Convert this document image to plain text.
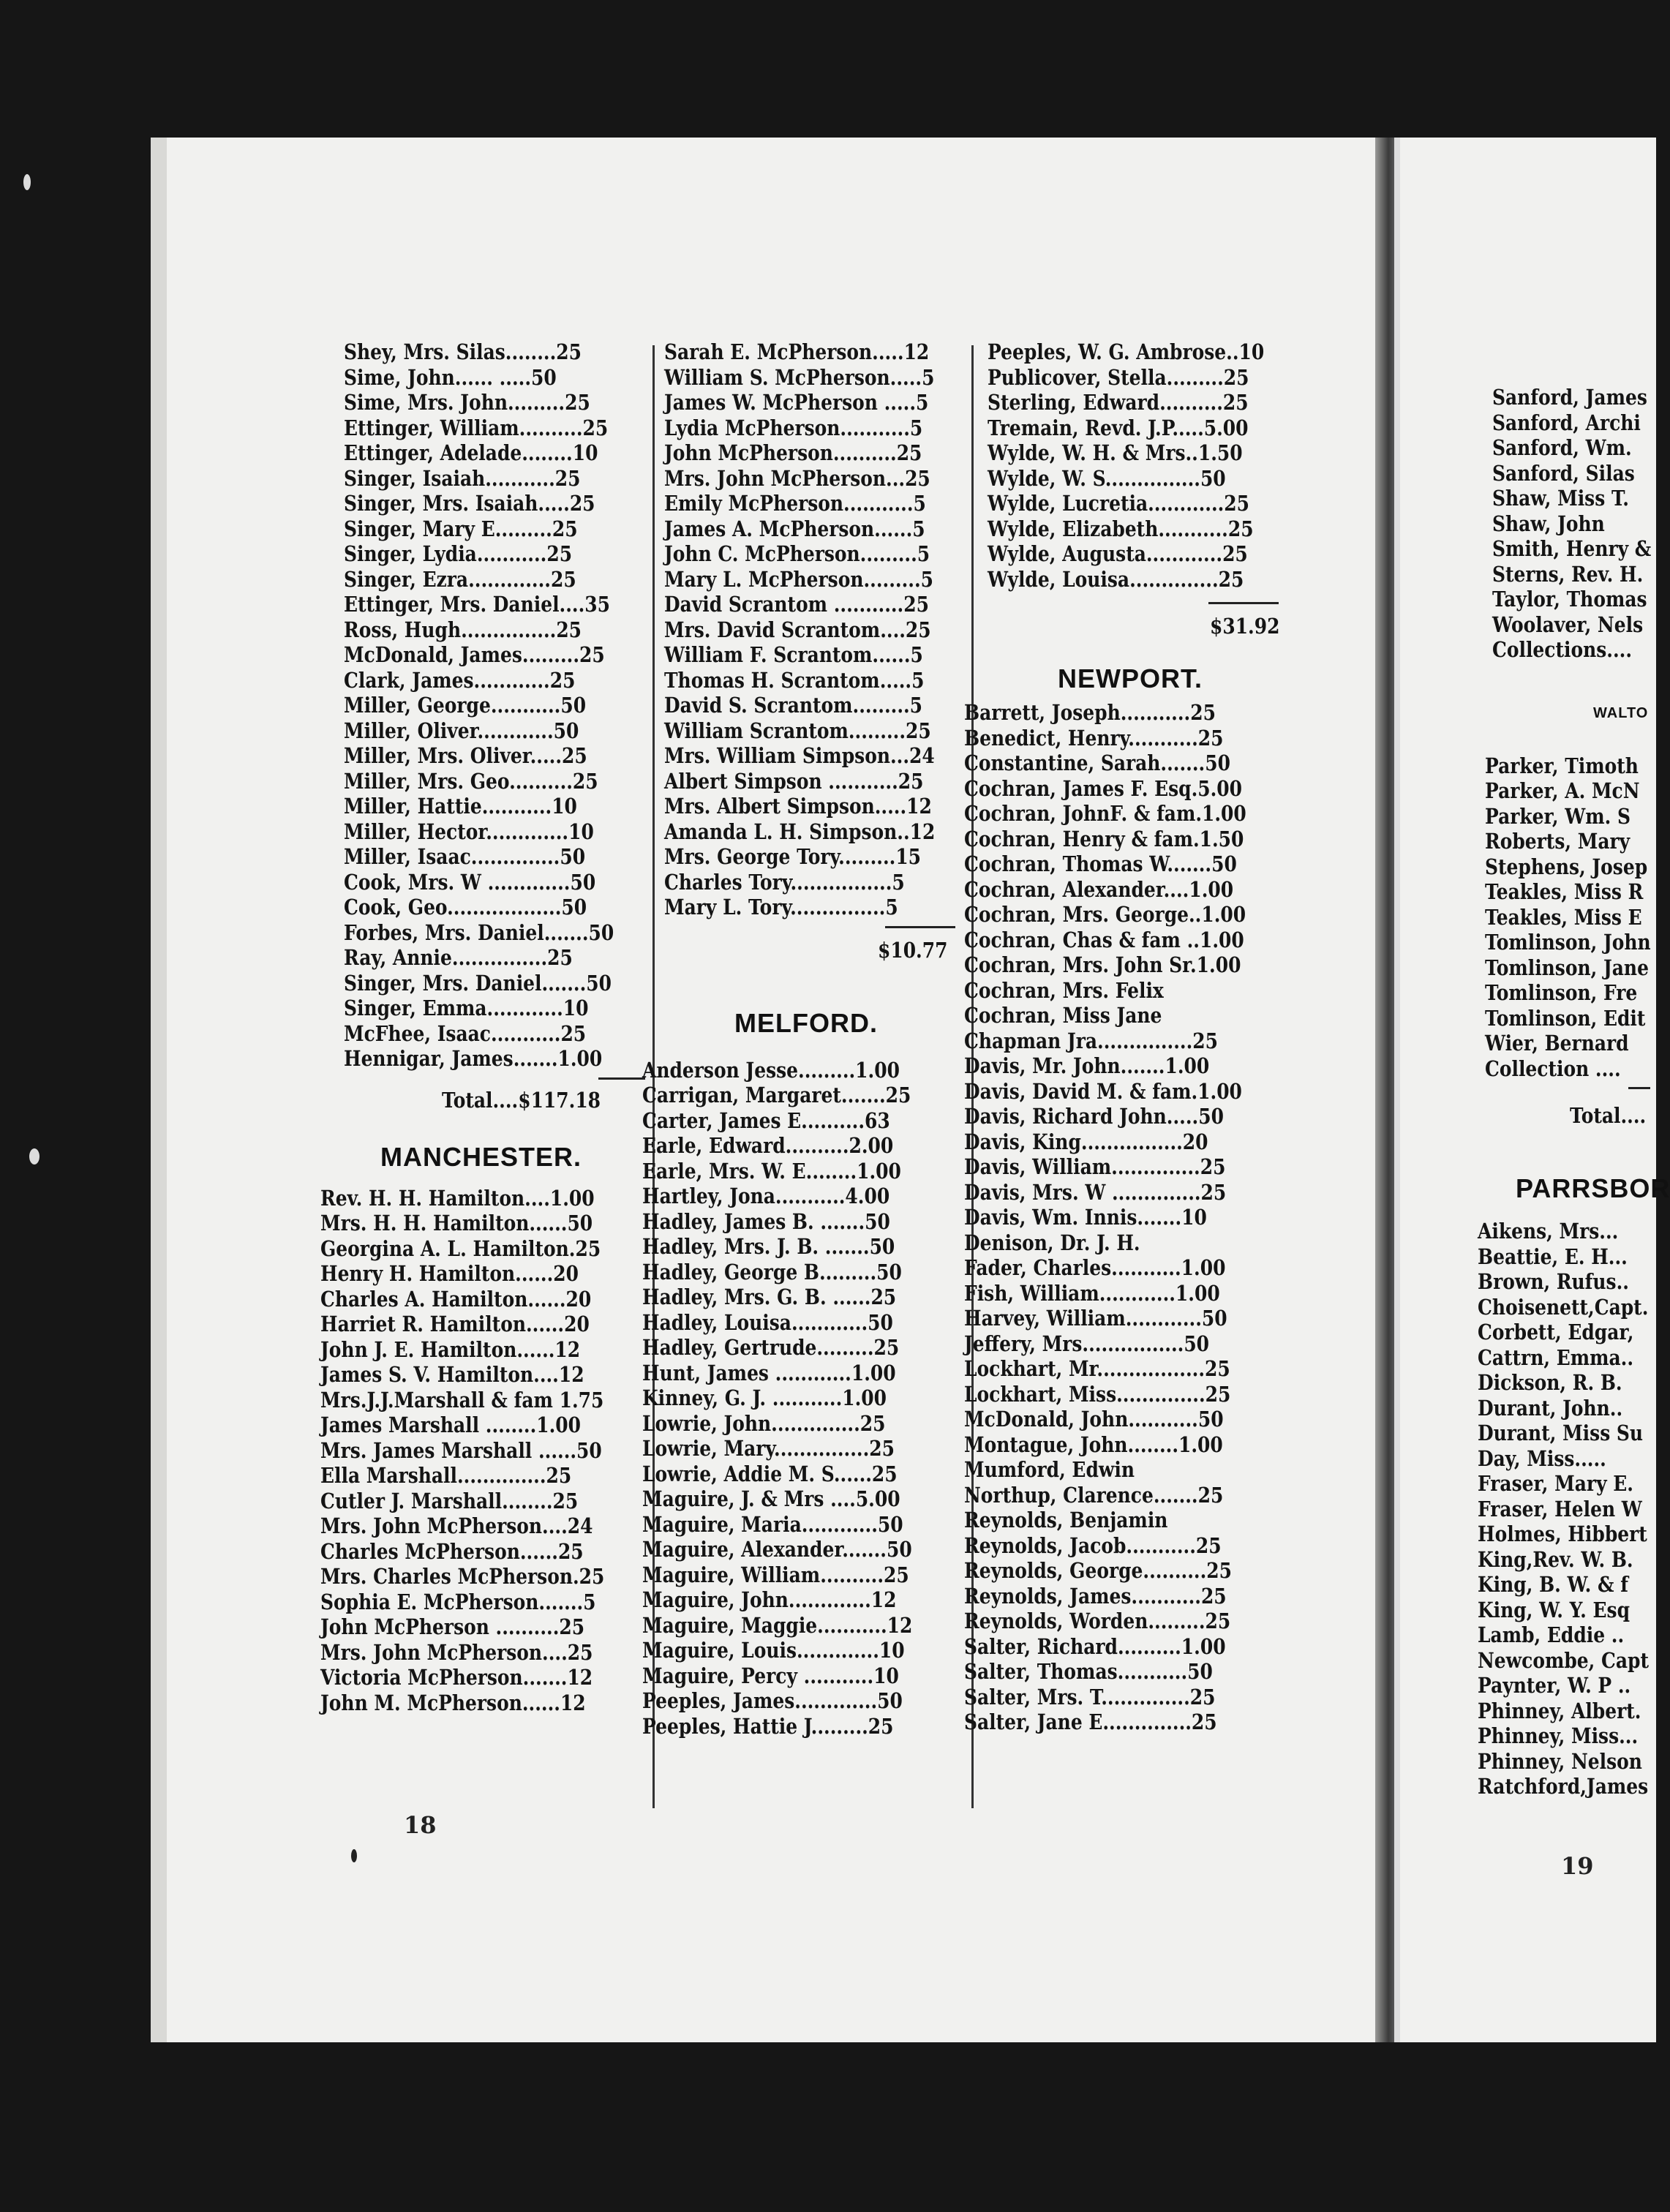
18
19
Shey, Mrs. Silas........25
Sime, John...... .....50
Sime, Mrs. John.........25
Ettinger, William..........25
Ettinger, Adelade........10
Singer, Isaiah...........25
Singer, Mrs. Isaiah.....25
Singer, Mary E.........25
Singer, Lydia...........25
Singer, Ezra.............25
Ettinger, Mrs. Daniel....35
Ross, Hugh...............25
McDonald, James.........25
Clark, James............25
Miller, George...........50
Miller, Oliver............50
Miller, Mrs. Oliver.....25
Miller, Mrs. Geo..........25
Miller, Hattie...........10
Miller, Hector.............10
Miller, Isaac..............50
Cook, Mrs. W .............50
Cook, Geo..................50
Forbes, Mrs. Daniel.......50
Ray, Annie...............25
Singer, Mrs. Daniel.......50
Singer, Emma............10
McFhee, Isaac...........25
Hennigar, James.......1.00
Total....$117.18
MANCHESTER.
Rev. H. H. Hamilton....1.00
Mrs. H. H. Hamilton......50
Georgina A. L. Hamilton.25
Henry H. Hamilton......20
Charles A. Hamilton......20
Harriet R. Hamilton......20
John J. E. Hamilton......12
James S. V. Hamilton....12
Mrs.J.J.Marshall & fam 1.75
James Marshall ........1.00
Mrs. James Marshall ......50
Ella Marshall..............25
Cutler J. Marshall........25
Mrs. John McPherson....24
Charles McPherson......25
Mrs. Charles McPherson.25
Sophia E. McPherson.......5
John McPherson ..........25
Mrs. John McPherson....25
Victoria McPherson.......12
John M. McPherson......12
Sarah E. McPherson.....12
William S. McPherson.....5
James W. McPherson .....5
Lydia McPherson...........5
John McPherson..........25
Mrs. John McPherson...25
Emily McPherson...........5
James A. McPherson......5
John C. McPherson.........5
Mary L. McPherson.........5
David Scrantom ...........25
Mrs. David Scrantom....25
William F. Scrantom......5
Thomas H. Scrantom.....5
David S. Scrantom.........5
William Scrantom.........25
Mrs. William Simpson...24
Albert Simpson ...........25
Mrs. Albert Simpson.....12
Amanda L. H. Simpson..12
Mrs. George Tory.........15
Charles Tory................5
Mary L. Tory...............5
$10.77
MELFORD.
Anderson Jesse.........1.00
Carrigan, Margaret.......25
Carter, James E..........63
Earle, Edward..........2.00
Earle, Mrs. W. E........1.00
Hartley, Jona...........4.00
Hadley, James B. .......50
Hadley, Mrs. J. B. .......50
Hadley, George B.........50
Hadley, Mrs. G. B. ......25
Hadley, Louisa............50
Hadley, Gertrude.........25
Hunt, James ............1.00
Kinney, G. J. ...........1.00
Lowrie, John..............25
Lowrie, Mary...............25
Lowrie, Addie M. S......25
Maguire, J. & Mrs ....5.00
Maguire, Maria............50
Maguire, Alexander.......50
Maguire, William..........25
Maguire, John.............12
Maguire, Maggie...........12
Maguire, Louis.............10
Maguire, Percy ...........10
Peeples, James.............50
Peeples, Hattie J.........25
Peeples, W. G. Ambrose..10
Publicover, Stella.........25
Sterling, Edward..........25
Tremain, Revd. J.P.....5.00
Wylde, W. H. & Mrs..1.50
Wylde, W. S...............50
Wylde, Lucretia............25
Wylde, Elizabeth...........25
Wylde, Augusta............25
Wylde, Louisa..............25
$31.92
NEWPORT.
Barrett, Joseph...........25
Benedict, Henry...........25
Constantine, Sarah.......50
Cochran, James F. Esq.5.00
Cochran, JohnF. & fam.1.00
Cochran, Henry & fam.1.50
Cochran, Thomas W.......50
Cochran, Alexander....1.00
Cochran, Mrs. George..1.00
Cochran, Chas & fam ..1.00
Cochran, Mrs. John Sr.1.00
Cochran, Mrs. Felix
Cochran, Miss Jane
Chapman Jra...............25
Davis, Mr. John.......1.00
Davis, David M. & fam.1.00
Davis, Richard John.....50
Davis, King................20
Davis, William..............25
Davis, Mrs. W ..............25
Davis, Wm. Innis.......10
Denison, Dr. J. H.
Fader, Charles...........1.00
Fish, William............1.00
Harvey, William............50
Jeffery, Mrs................50
Lockhart, Mr.................25
Lockhart, Miss..............25
McDonald, John...........50
Montague, John........1.00
Mumford, Edwin
Northup, Clarence.......25
Reynolds, Benjamin
Reynolds, Jacob...........25
Reynolds, George..........25
Reynolds, James...........25
Reynolds, Worden.........25
Salter, Richard..........1.00
Salter, Thomas...........50
Salter, Mrs. T..............25
Salter, Jane E..............25
Sanford, James
Sanford, Archi
Sanford, Wm.
Sanford, Silas
Shaw, Miss T.
Shaw, John
Smith, Henry &
Sterns, Rev. H.
Taylor, Thomas
Woolaver, Nels
Collections....
WALTO
Parker, Timoth
Parker, A. McN
Parker, Wm. S
Roberts, Mary
Stephens, Josep
Teakles, Miss R
Teakles, Miss E
Tomlinson, John
Tomlinson, Jane
Tomlinson, Fre
Tomlinson, Edit
Wier, Bernard
Collection ....
Total....
PARRSBOR
Aikens, Mrs...
Beattie, E. H...
Brown, Rufus..
Choisenett,Capt.
Corbett, Edgar,
Cattrn, Emma..
Dickson, R. B.
Durant, John..
Durant, Miss Su
Day, Miss.....
Fraser, Mary E.
Fraser, Helen W
Holmes, Hibbert
King,Rev. W. B.
King, B. W. & f
King, W. Y. Esq
Lamb, Eddie ..
Newcombe, Capt
Paynter, W. P ..
Phinney, Albert.
Phinney, Miss...
Phinney, Nelson
Ratchford,James
